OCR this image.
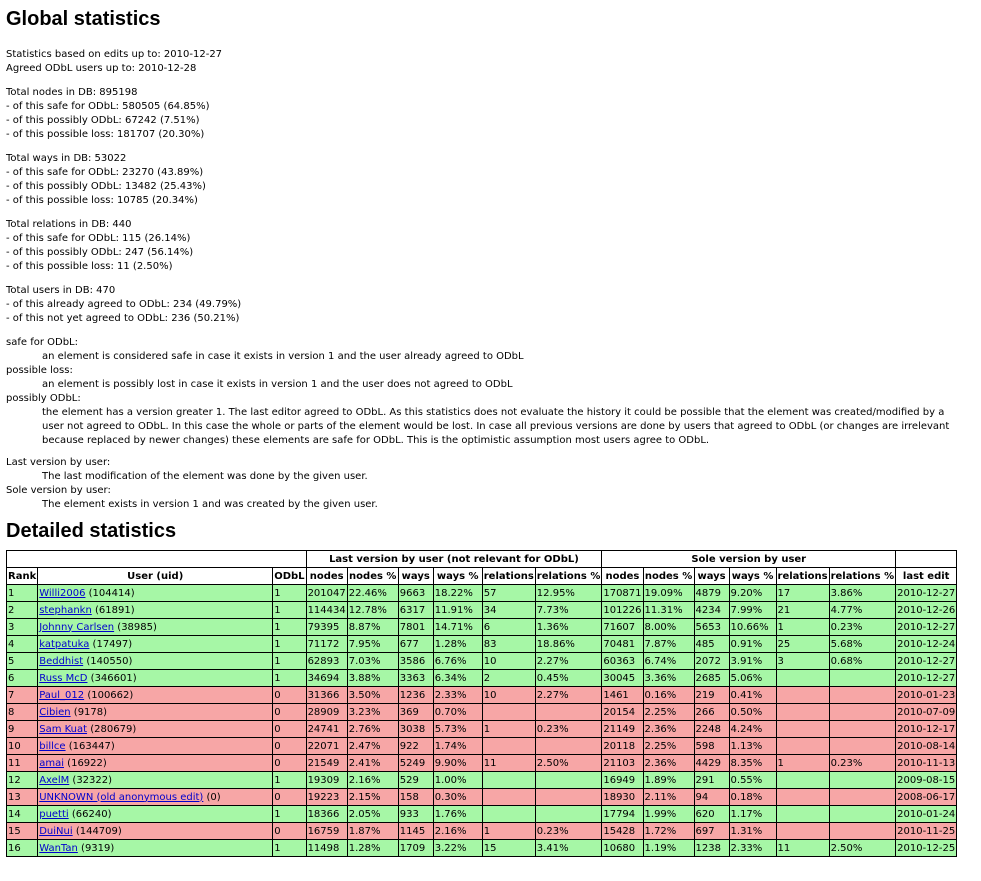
Global statistics
Statistics based on edits up to: 2010-12-27
Agreed ODbL users up to: 2010-12-28
Total nodes in DB: 895198
- of this safe for ODbL: 580505 (64.85%)
- of this possibly ODbL: 67242 (7.51%)
- of this possible loss: 181707 (20.30%)
Total ways in DB: 53022
- of this safe for ODbL: 23270 (43.89%)
- of this possibly ODbL: 13482 (25.43%)
- of this possible loss: 10785 (20.34%)
Total relations in DB: 440
- of this safe for ODbL: 115 (26.14%)
- of this possibly ODbL: 247 (56.14%)
- of this possible loss: 11 (2.50%)
Total users in DB: 470
- of this already agreed to ODbL: 234 (49.79%)
- of this not yet agreed to ODbL: 236 (50.21%)
safe for ODbL:
an element is considered safe in case it exists in version 1 and the user already agreed to ODbL
possible loss:
an element is possibly lost in case it exists in version 1 and the user does not agreed to ODbL
possibly ODbL:
the element has a version greater 1. The last editor agreed to ODbL. As this statistics does not evaluate the history it could be possible that the element was created/modified by a user not agreed to ODbL. In this case the whole or parts of the element would be lost. In case all previous versions are done by users that agreed to ODbL (or changes are irrelevant because replaced by newer changes) these elements are safe for ODbL. This is the optimistic assumption most users agree to ODbL.
Last version by user:
The last modification of the element was done by the given user.
Sole version by user:
The element exists in version 1 and was created by the given user.
Detailed statistics
			Last version by user (not relevant for ODbL)						Sole version by user						
Rank	User (uid)	ODbL	nodes	nodes %	ways	ways %	relations	relations %	nodes	nodes %	ways	ways %	relations	relations %	last edit
1	Willi2006 (104414)	1	201047	22.46%	9663	18.22%	57	12.95%	170871	19.09%	4879	9.20%	17	3.86%	2010-12-27
2	stephankn (61891)	1	114434	12.78%	6317	11.91%	34	7.73%	101226	11.31%	4234	7.99%	21	4.77%	2010-12-26
3	Johnny Carlsen (38985)	1	79395	8.87%	7801	14.71%	6	1.36%	71607	8.00%	5653	10.66%	1	0.23%	2010-12-27
4	katpatuka (17497)	1	71172	7.95%	677	1.28%	83	18.86%	70481	7.87%	485	0.91%	25	5.68%	2010-12-24
5	Beddhist (140550)	1	62893	7.03%	3586	6.76%	10	2.27%	60363	6.74%	2072	3.91%	3	0.68%	2010-12-27
6	Russ McD (346601)	1	34694	3.88%	3363	6.34%	2	0.45%	30045	3.36%	2685	5.06%			2010-12-27
7	Paul_012 (100662)	0	31366	3.50%	1236	2.33%	10	2.27%	1461	0.16%	219	0.41%			2010-01-23
8	Cibien (9178)	0	28909	3.23%	369	0.70%			20154	2.25%	266	0.50%			2010-07-09
9	Sam Kuat (280679)	0	24741	2.76%	3038	5.73%	1	0.23%	21149	2.36%	2248	4.24%			2010-12-17
10	billce (163447)	0	22071	2.47%	922	1.74%			20118	2.25%	598	1.13%			2010-08-14
11	amai (16922)	0	21549	2.41%	5249	9.90%	11	2.50%	21103	2.36%	4429	8.35%	1	0.23%	2010-11-13
12	AxelM (32322)	1	19309	2.16%	529	1.00%			16949	1.89%	291	0.55%			2009-08-15
13	UNKNOWN (old anonymous edit) (0)	0	19223	2.15%	158	0.30%			18930	2.11%	94	0.18%			2008-06-17
14	puetti (66240)	1	18366	2.05%	933	1.76%			17794	1.99%	620	1.17%			2010-01-24
15	DuiNui (144709)	0	16759	1.87%	1145	2.16%	1	0.23%	15428	1.72%	697	1.31%			2010-11-25
16	WanTan (9319)	1	11498	1.28%	1709	3.22%	15	3.41%	10680	1.19%	1238	2.33%	11	2.50%	2010-12-25
